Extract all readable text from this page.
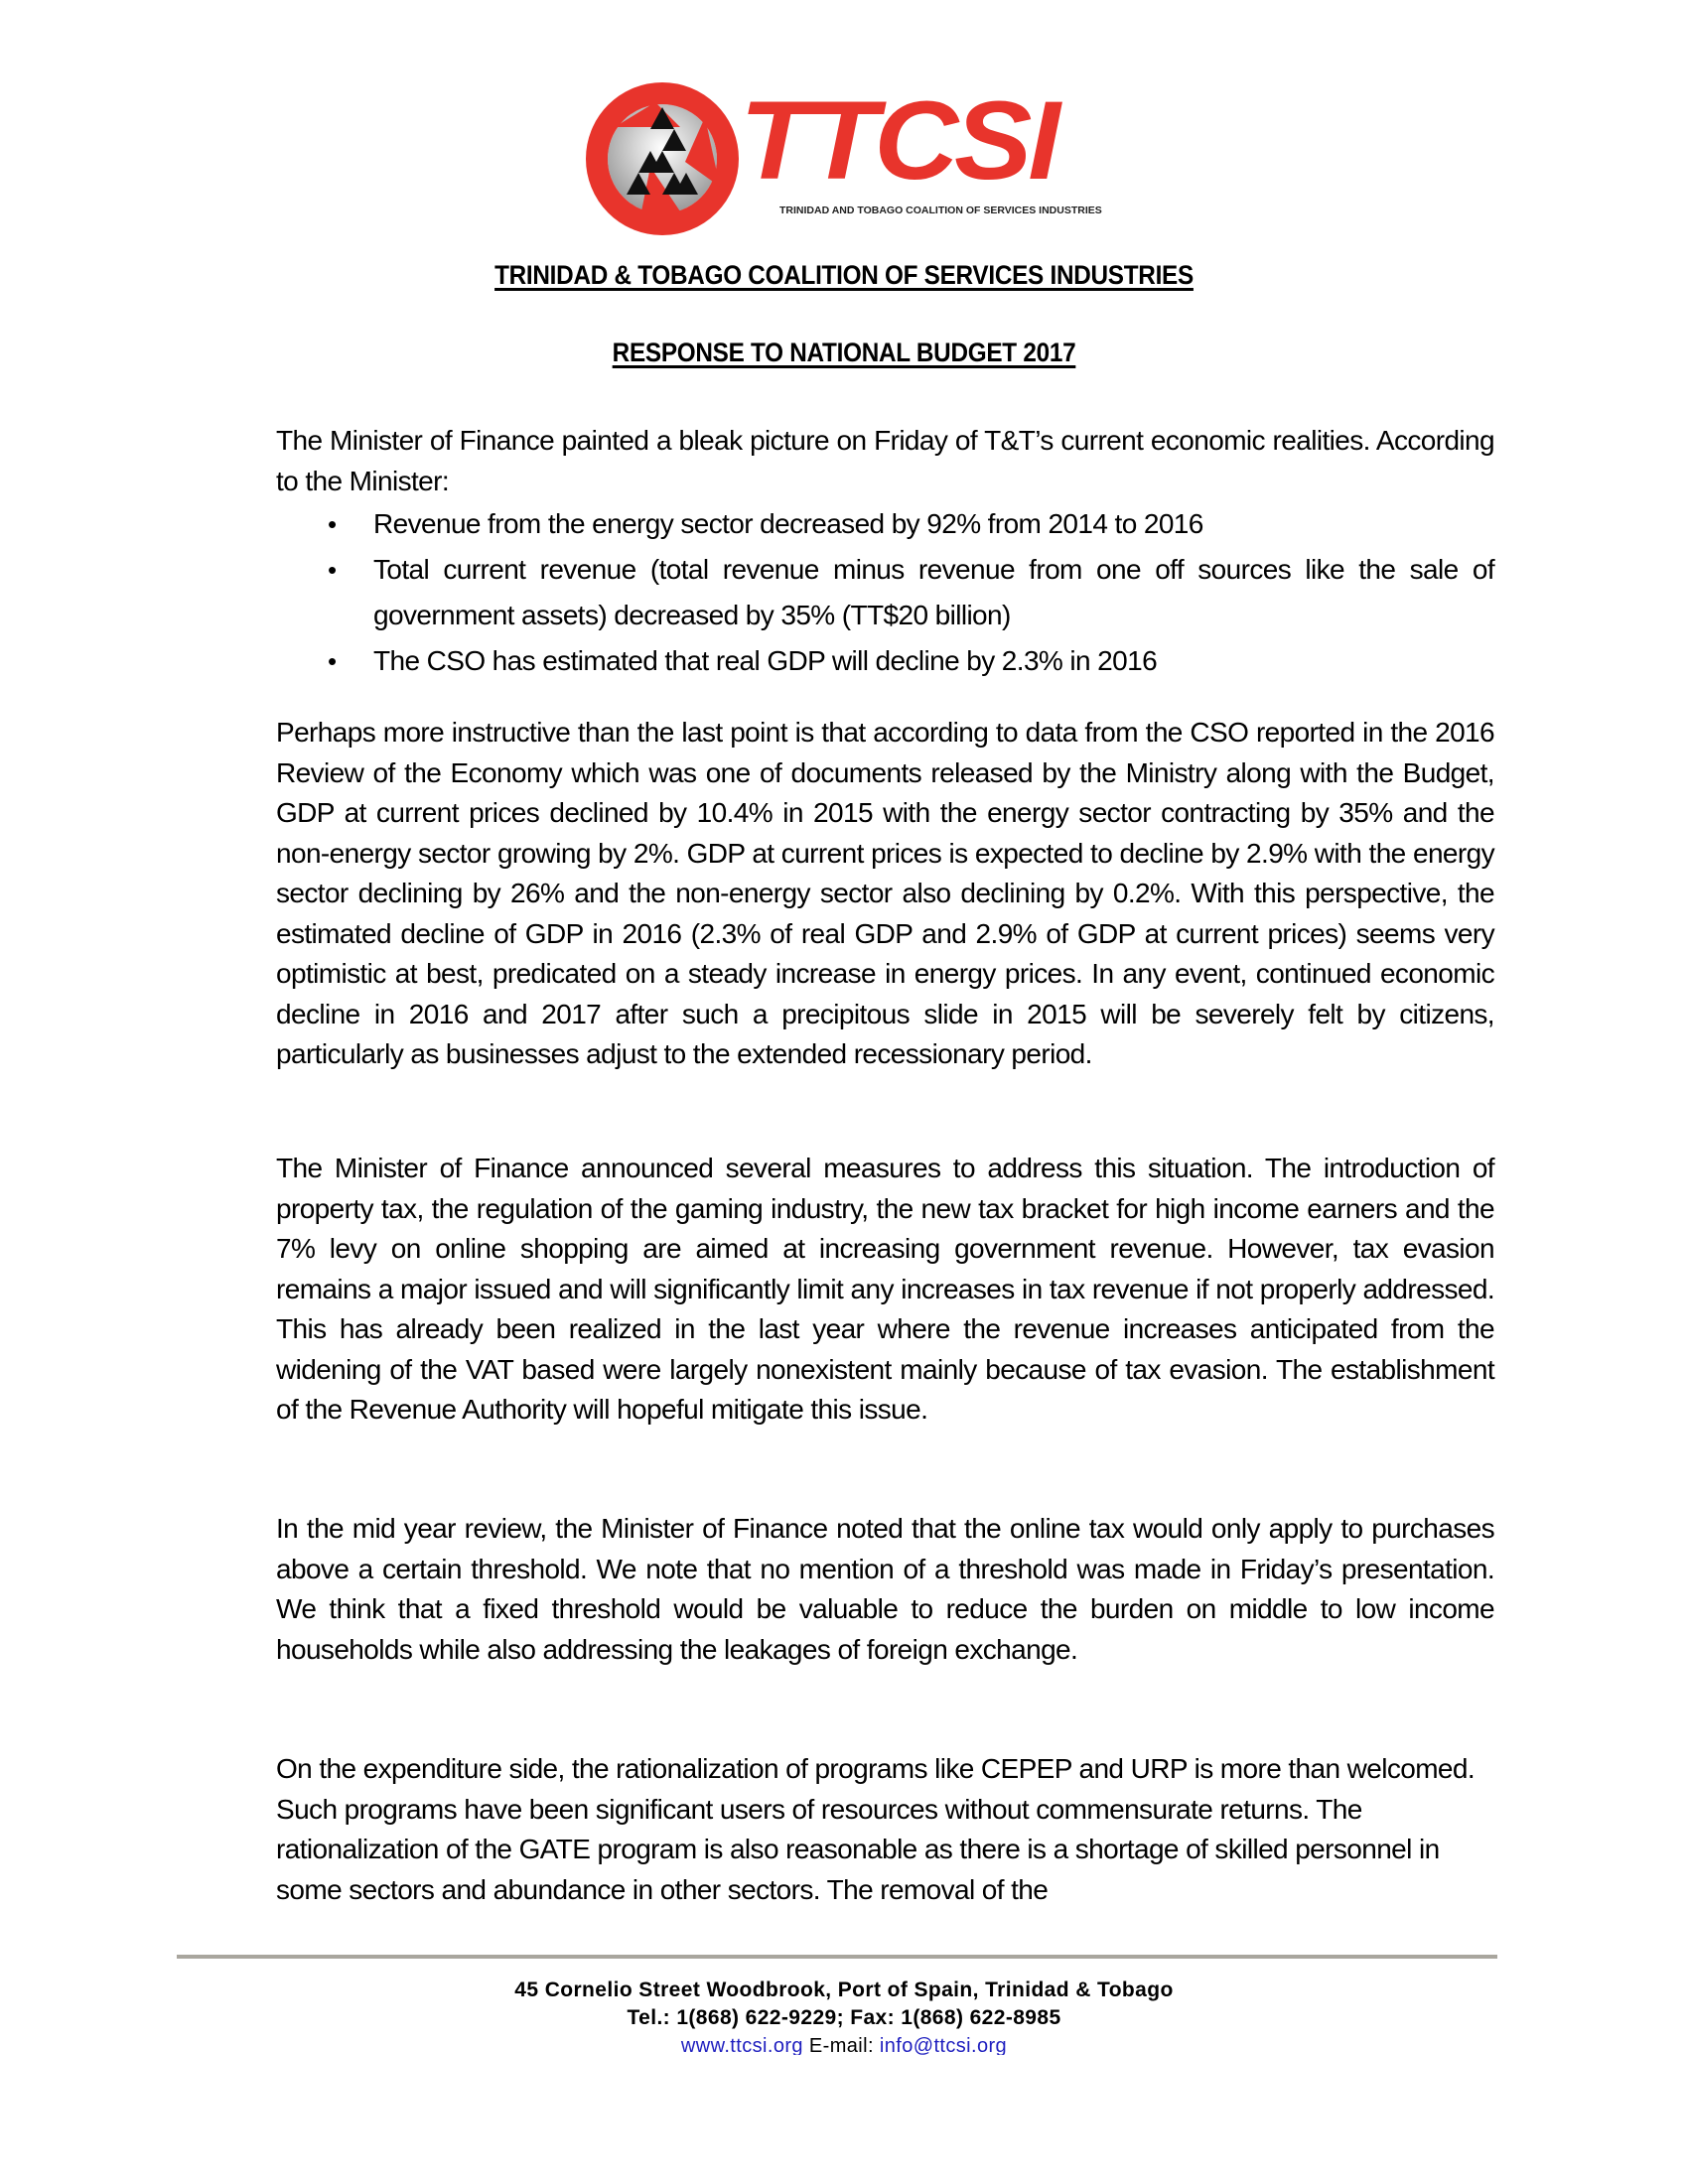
TTCSI
TRINIDAD AND TOBAGO COALITION OF SERVICES INDUSTRIES
TRINIDAD & TOBAGO COALITION OF SERVICES INDUSTRIES
RESPONSE TO NATIONAL BUDGET 2017

The Minister of Finance painted a bleak picture on Friday of T&T’s current economic realities. According to the Minister:

• Revenue from the energy sector decreased by 92% from 2014 to 2016
• Total current revenue (total revenue minus revenue from one off sources like the sale of government assets) decreased by 35% (TT$20 billion)
• The CSO has estimated that real GDP will decline by 2.3% in 2016

Perhaps more instructive than the last point is that according to data from the CSO reported in the 2016 Review of the Economy which was one of documents released by the Ministry along with the Budget, GDP at current prices declined by 10.4% in 2015 with the energy sector contracting by 35% and the non-energy sector growing by 2%. GDP at current prices is expected to decline by 2.9% with the energy sector declining by 26% and the non-energy sector also declining by 0.2%. With this perspective, the estimated decline of GDP in 2016 (2.3% of real GDP and 2.9% of GDP at current prices) seems very optimistic at best, predicated on a steady increase in energy prices. In any event, continued economic decline in 2016 and 2017 after such a precipitous slide in 2015 will be severely felt by citizens, particularly as businesses adjust to the extended recessionary period.

The Minister of Finance announced several measures to address this situation. The introduction of property tax, the regulation of the gaming industry, the new tax bracket for high income earners and the 7% levy on online shopping are aimed at increasing government revenue. However, tax evasion remains a major issued and will significantly limit any increases in tax revenue if not properly addressed. This has already been realized in the last year where the revenue increases anticipated from the widening of the VAT based were largely nonexistent mainly because of tax evasion. The establishment of the Revenue Authority will hopeful mitigate this issue.

In the mid year review, the Minister of Finance noted that the online tax would only apply to purchases above a certain threshold. We note that no mention of a threshold was made in Friday’s presentation. We think that a fixed threshold would be valuable to reduce the burden on middle to low income households while also addressing the leakages of foreign exchange.

On the expenditure side, the rationalization of programs like CEPEP and URP is more than welcomed. Such programs have been significant users of resources without commensurate returns. The rationalization of the GATE program is also reasonable as there is a shortage of skilled personnel in some sectors and abundance in other sectors. The removal of the

45 Cornelio Street Woodbrook, Port of Spain, Trinidad & Tobago
Tel.: 1(868) 622-9229; Fax: 1(868) 622-8985
www.ttcsi.org E-mail: info@ttcsi.org
